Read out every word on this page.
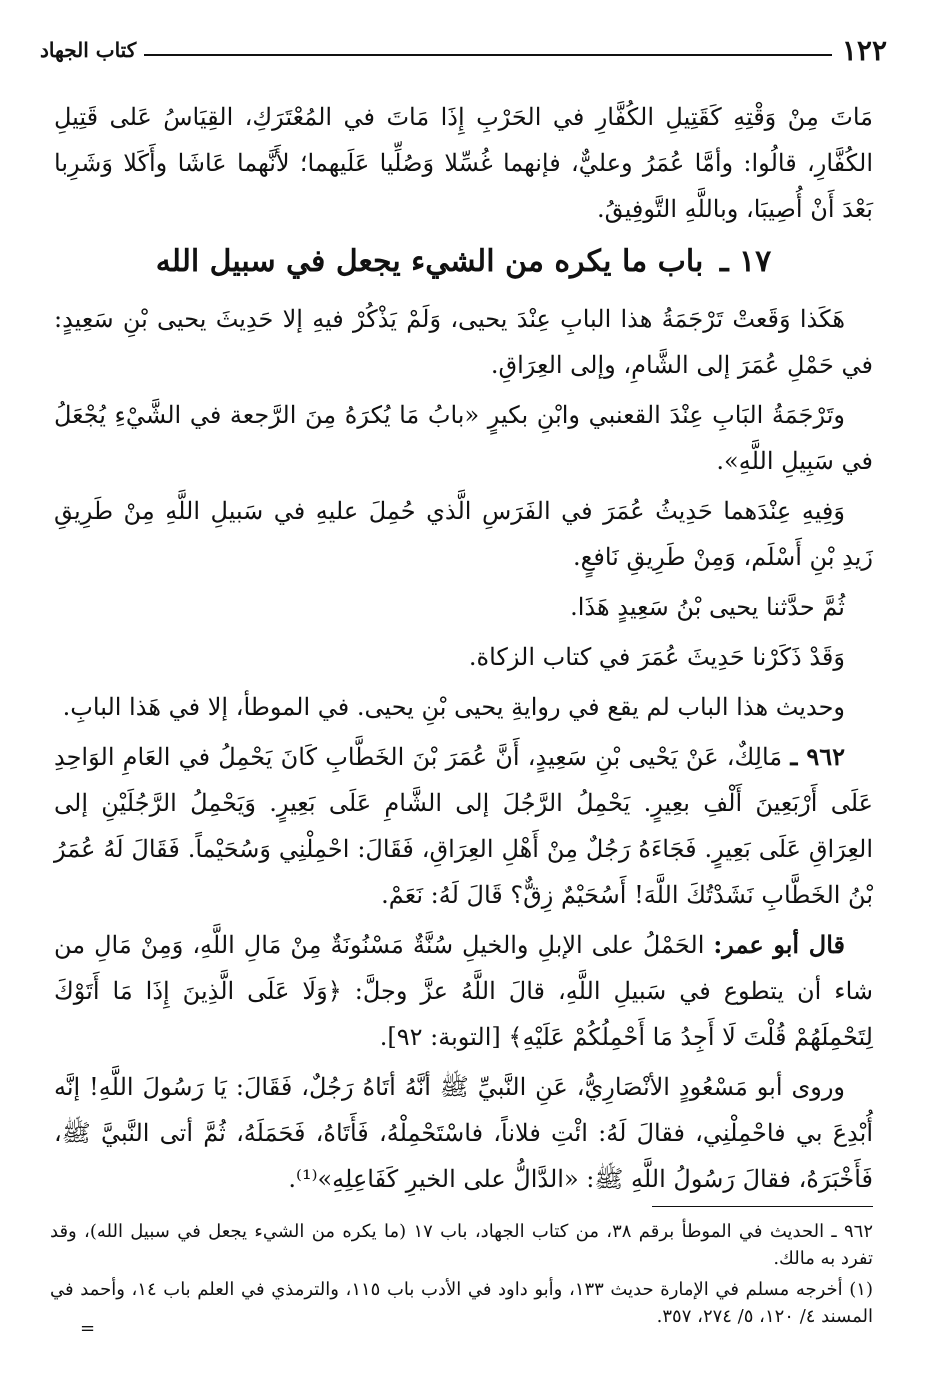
١٢٢
كتاب الجهاد

مَاتَ مِنْ وَقْتِهِ كَقَتِيلِ الكُفَّارِ في الحَرْبِ إِذَا مَاتَ في المُعْتَرَكِ، القِيَاسُ عَلى قَتِيلِ الكُفَّارِ، قالُوا: وأمَّا عُمَرُ وعليٌّ، فإنهما غُسِّلا وَصُلِّيا عَلَيهما؛ لأَنَّهما عَاشَا وأَكَلا وَشَرِبا بَعْدَ أَنْ أُصِيبَا، وباللَّهِ التَّوفِيقُ.

١٧ ـ باب ما يكره من الشيء يجعل في سبيل الله

هَكَذا وَقَعتْ تَرْجَمَةُ هذا البابِ عِنْدَ يحيى، وَلَمْ يَذْكُرْ فيهِ إلا حَدِيثَ يحيى بْنِ سَعِيدٍ: في حَمْلِ عُمَرَ إلى الشَّامِ، وإلى العِرَاقِ.

وتَرْجَمَةُ البَابِ عِنْدَ القعنبي وابْنِ بكيرٍ «بابُ مَا يُكرَهُ مِنَ الرَّجعة في الشَّيْءِ يُجْعَلُ في سَبِيلِ اللَّهِ».

وَفِيهِ عِنْدَهما حَدِيثُ عُمَرَ في الفَرَسِ الَّذي حُمِلَ عليهِ في سَبيلِ اللَّهِ مِنْ طَرِيقِ زَيدِ بْنِ أَسْلَم، وَمِنْ طَرِيقِ نَافعٍ.

ثُمَّ حدَّثنا يحيى بْنُ سَعِيدٍ هَذَا.

وَقَدْ ذَكَرْنا حَدِيثَ عُمَرَ في كتاب الزكاة.

وحديث هذا الباب لم يقع في روايةِ يحيى بْنِ يحيى. في الموطأ، إلا في هَذا البابِ.

٩٦٢ ـ مَالِكٌ، عَنْ يَحْيى بْنِ سَعِيدٍ، أَنَّ عُمَرَ بْنَ الخَطَّابِ كَانَ يَحْمِلُ في العَامِ الوَاحِدِ عَلَى أَرْبَعِينَ أَلْفِ بعِيرٍ. يَحْمِلُ الرَّجُلَ إلى الشَّامِ عَلَى بَعِيرٍ. وَيَحْمِلُ الرَّجُلَيْنِ إلى العِرَاقِ عَلَى بَعِيرٍ. فَجَاءَهُ رَجُلٌ مِنْ أَهْلِ العِرَاقِ، فَقَالَ: احْمِلْنِي وَسُحَيْماً. فَقَالَ لَهُ عُمَرُ بْنُ الخَطَّابِ نَشَدْتُكَ اللَّهَ! أَسُحَيْمٌ زِقٌّ؟ قَالَ لَهُ: نَعَمْ.

قال أبو عمر: الحَمْلُ على الإبلِ والخيلِ سُنَّةٌ مَسْنُونَةٌ مِنْ مَالِ اللَّهِ، وَمِنْ مَالِ من شاء أن يتطوع في سَبيلِ اللَّهِ، قالَ اللَّهُ عزَّ وجلَّ: ﴿وَلَا عَلَى الَّذِينَ إِذَا مَا أَتَوْكَ لِتَحْمِلَهُمْ قُلْتَ لَا أَجِدُ مَا أَحْمِلُكُمْ عَلَيْهِ﴾ [التوبة: ٩٢].

وروى أبو مَسْعُودٍ الأنْصَارِيُّ، عَنِ النَّبيِّ ﷺ أنَّهُ أتَاهُ رَجُلٌ، فَقَالَ: يَا رَسُولَ اللَّهِ! إنَّه أُبْدِعَ بي فاحْمِلْنِي، فقالَ لَهُ: ائْتِ فلاناً، فاسْتَحْمِلْهُ، فَأَتَاهُ، فَحَمَلَهُ، ثُمَّ أتى النَّبيَّ ﷺ، فَأَخْبَرَهُ، فقالَ رَسُولُ اللَّهِ ﷺ: «الدَّالُّ على الخيرِ كَفَاعِلِهِ»⁽¹⁾.

٩٦٢ ـ الحديث في الموطأ برقم ٣٨، من كتاب الجهاد، باب ١٧ (ما يكره من الشيء يجعل في سبيل الله)، وقد تفرد به مالك.

(١) أخرجه مسلم في الإمارة حديث ١٣٣، وأبو داود في الأدب باب ١١٥، والترمذي في العلم باب ١٤، وأحمد في المسند ٤/ ١٢٠، ٥/ ٢٧٤، ٣٥٧.

=
